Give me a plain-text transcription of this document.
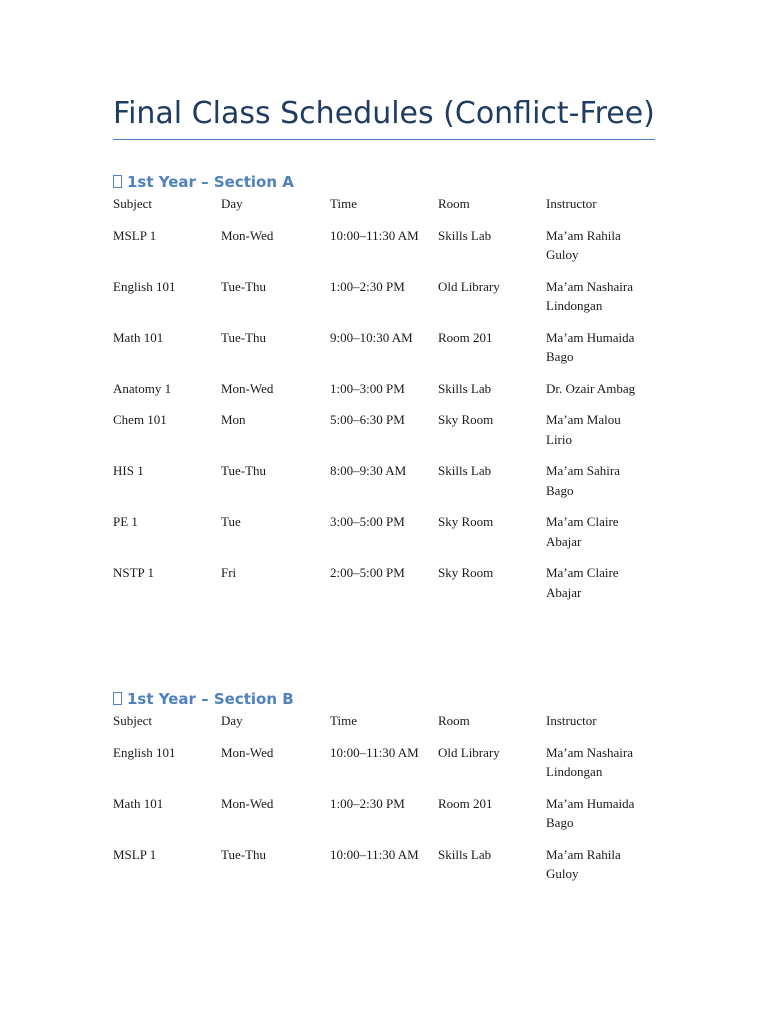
Final Class Schedules (Conflict-Free)
1st Year – Section A
Subject	Day	Time	Room	Instructor
MSLP 1	Mon-Wed	10:00–11:30 AM	Skills Lab	Ma’am Rahila Guloy
English 101	Tue-Thu	1:00–2:30 PM	Old Library	Ma’am Nashaira Lindongan
Math 101	Tue-Thu	9:00–10:30 AM	Room 201	Ma’am Humaida Bago
Anatomy 1	Mon-Wed	1:00–3:00 PM	Skills Lab	Dr. Ozair Ambag
Chem 101	Mon	5:00–6:30 PM	Sky Room	Ma’am Malou Lirio
HIS 1	Tue-Thu	8:00–9:30 AM	Skills Lab	Ma’am Sahira Bago
PE 1	Tue	3:00–5:00 PM	Sky Room	Ma’am Claire Abajar
NSTP 1	Fri	2:00–5:00 PM	Sky Room	Ma’am Claire Abajar
1st Year – Section B
Subject	Day	Time	Room	Instructor
English 101	Mon-Wed	10:00–11:30 AM	Old Library	Ma’am Nashaira Lindongan
Math 101	Mon-Wed	1:00–2:30 PM	Room 201	Ma’am Humaida Bago
MSLP 1	Tue-Thu	10:00–11:30 AM	Skills Lab	Ma’am Rahila Guloy
